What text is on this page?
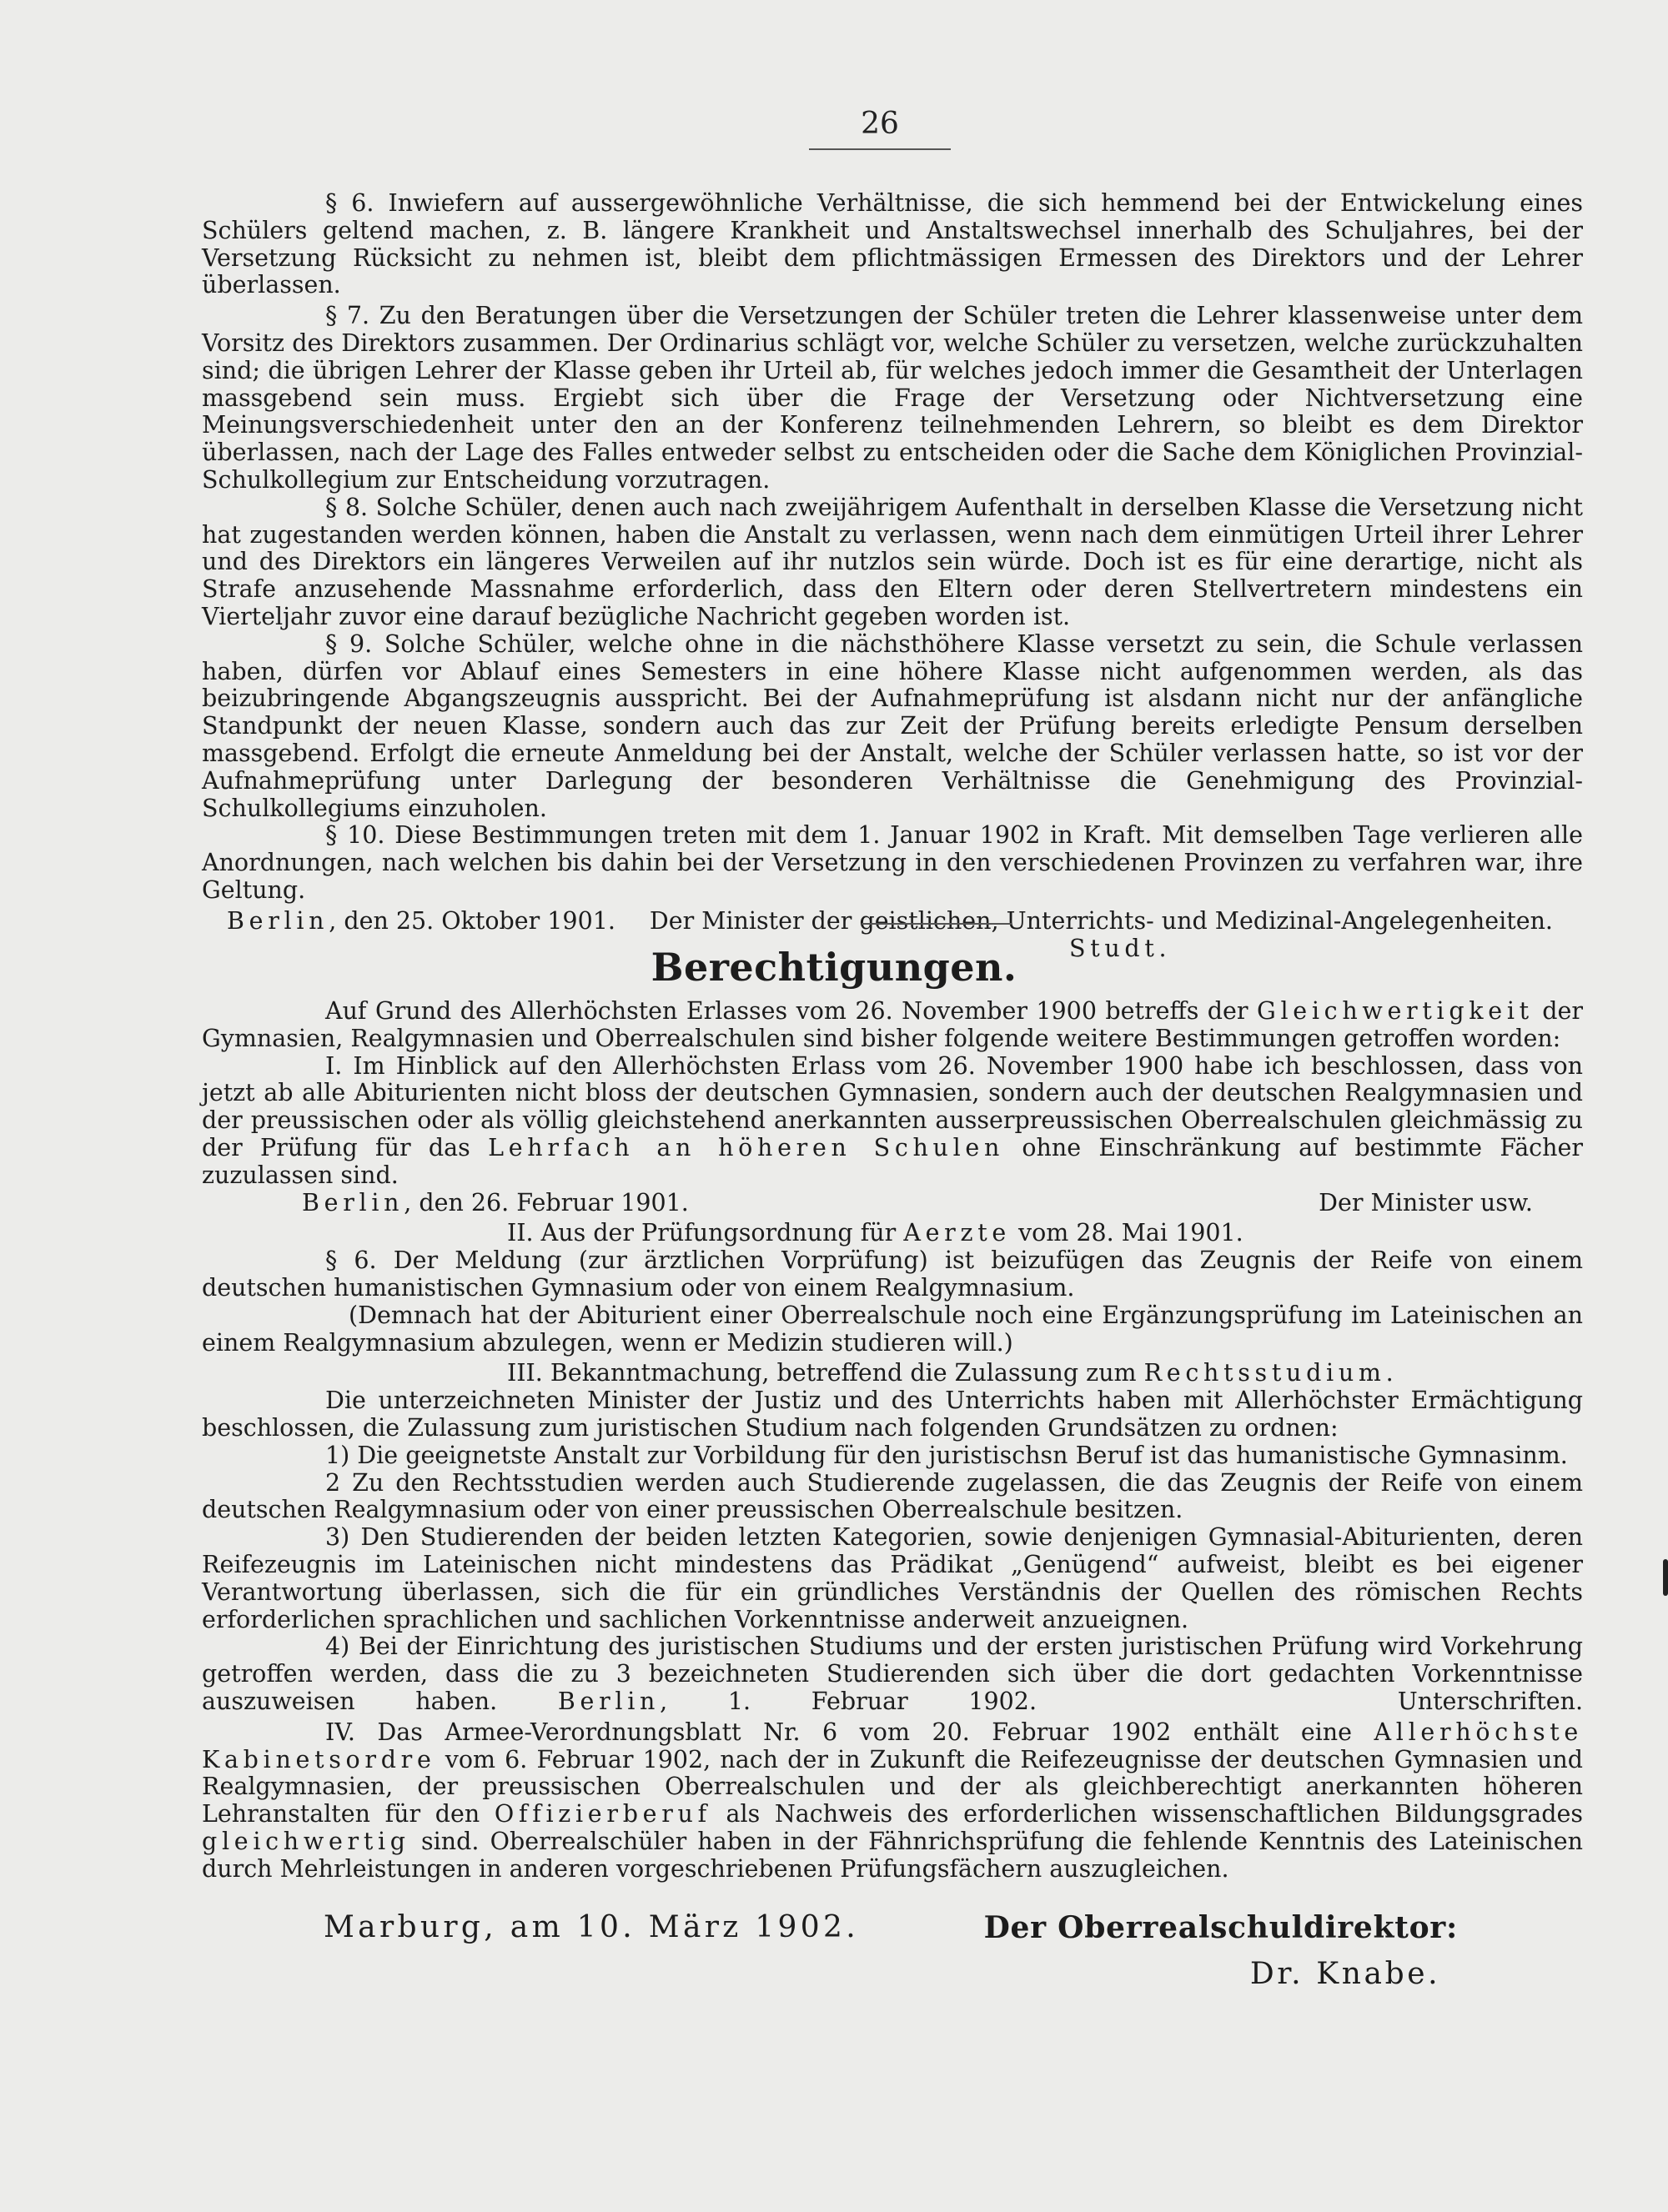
26

§ 6. Inwiefern auf aussergewöhnliche Verhältnisse, die sich hemmend bei der Entwickelung eines Schülers geltend machen, z. B. längere Krankheit und Anstaltswechsel innerhalb des Schuljahres, bei der Versetzung Rücksicht zu nehmen ist, bleibt dem pflichtmässigen Ermessen des Direktors und der Lehrer überlassen.

§ 7. Zu den Beratungen über die Versetzungen der Schüler treten die Lehrer klassenweise unter dem Vorsitz des Direktors zusammen. Der Ordinarius schlägt vor, welche Schüler zu versetzen, welche zurückzuhalten sind; die übrigen Lehrer der Klasse geben ihr Urteil ab, für welches jedoch immer die Gesamtheit der Unterlagen massgebend sein muss. Ergiebt sich über die Frage der Versetzung oder Nichtversetzung eine Meinungsverschiedenheit unter den an der Konferenz teilnehmenden Lehrern, so bleibt es dem Direktor überlassen, nach der Lage des Falles entweder selbst zu entscheiden oder die Sache dem Königlichen Provinzial-Schulkollegium zur Entscheidung vorzutragen.

§ 8. Solche Schüler, denen auch nach zweijährigem Aufenthalt in derselben Klasse die Versetzung nicht hat zugestanden werden können, haben die Anstalt zu verlassen, wenn nach dem einmütigen Urteil ihrer Lehrer und des Direktors ein längeres Verweilen auf ihr nutzlos sein würde. Doch ist es für eine derartige, nicht als Strafe anzusehende Massnahme erforderlich, dass den Eltern oder deren Stellvertretern mindestens ein Vierteljahr zuvor eine darauf bezügliche Nachricht gegeben worden ist.

§ 9. Solche Schüler, welche ohne in die nächsthöhere Klasse versetzt zu sein, die Schule verlassen haben, dürfen vor Ablauf eines Semesters in eine höhere Klasse nicht aufgenommen werden, als das beizubringende Abgangszeugnis ausspricht. Bei der Aufnahmeprüfung ist alsdann nicht nur der anfängliche Standpunkt der neuen Klasse, sondern auch das zur Zeit der Prüfung bereits erledigte Pensum derselben massgebend. Erfolgt die erneute Anmeldung bei der Anstalt, welche der Schüler verlassen hatte, so ist vor der Aufnahmeprüfung unter Darlegung der besonderen Verhältnisse die Genehmigung des Provinzial-Schulkollegiums einzuholen.

§ 10. Diese Bestimmungen treten mit dem 1. Januar 1902 in Kraft. Mit demselben Tage verlieren alle Anordnungen, nach welchen bis dahin bei der Versetzung in den verschiedenen Provinzen zu verfahren war, ihre Geltung.

Berlin, den 25. Oktober 1901. Der Minister der geistlichen, Unterrichts- und Medizinal-Angelegenheiten.

Studt.

Berechtigungen.

Auf Grund des Allerhöchsten Erlasses vom 26. November 1900 betreffs der Gleichwertigkeit der Gymnasien, Realgymnasien und Oberrealschulen sind bisher folgende weitere Bestimmungen getroffen worden:

I. Im Hinblick auf den Allerhöchsten Erlass vom 26. November 1900 habe ich beschlossen, dass von jetzt ab alle Abiturienten nicht bloss der deutschen Gymnasien, sondern auch der deutschen Realgymnasien und der preussischen oder als völlig gleichstehend anerkannten ausserpreussischen Oberrealschulen gleichmässig zu der Prüfung für das Lehrfach an höheren Schulen ohne Einschränkung auf bestimmte Fächer zuzulassen sind.

Berlin, den 26. Februar 1901.	Der Minister usw.

II. Aus der Prüfungsordnung für Aerzte vom 28. Mai 1901.

§ 6. Der Meldung (zur ärztlichen Vorprüfung) ist beizufügen das Zeugnis der Reife von einem deutschen humanistischen Gymnasium oder von einem Realgymnasium.

(Demnach hat der Abiturient einer Oberrealschule noch eine Ergänzungsprüfung im Lateinischen an einem Realgymnasium abzulegen, wenn er Medizin studieren will.)

III. Bekanntmachung, betreffend die Zulassung zum Rechtsstudium.

Die unterzeichneten Minister der Justiz und des Unterrichts haben mit Allerhöchster Ermächtigung beschlossen, die Zulassung zum juristischen Studium nach folgenden Grundsätzen zu ordnen:

1) Die geeignetste Anstalt zur Vorbildung für den juristischsn Beruf ist das humanistische Gymnasinm.

2 Zu den Rechtsstudien werden auch Studierende zugelassen, die das Zeugnis der Reife von einem deutschen Realgymnasium oder von einer preussischen Oberrealschule besitzen.

3) Den Studierenden der beiden letzten Kategorien, sowie denjenigen Gymnasial-Abiturienten, deren Reifezeugnis im Lateinischen nicht mindestens das Prädikat „Genügend“ aufweist, bleibt es bei eigener Verantwortung überlassen, sich die für ein gründliches Verständnis der Quellen des römischen Rechts erforderlichen sprachlichen und sachlichen Vorkenntnisse anderweit anzueignen.

4) Bei der Einrichtung des juristischen Studiums und der ersten juristischen Prüfung wird Vorkehrung getroffen werden, dass die zu 3 bezeichneten Studierenden sich über die dort gedachten Vorkenntnisse auszuweisen haben.	Berlin, 1. Februar 1902.	Unterschriften.

IV. Das Armee-Verordnungsblatt Nr. 6 vom 20. Februar 1902 enthält eine Allerhöchste Kabinetsordre vom 6. Februar 1902, nach der in Zukunft die Reifezeugnisse der deutschen Gymnasien und Realgymnasien, der preussischen Oberrealschulen und der als gleichberechtigt anerkannten höheren Lehranstalten für den Offizierberuf als Nachweis des erforderlichen wissenschaftlichen Bildungsgrades gleichwertig sind. Oberrealschüler haben in der Fähnrichsprüfung die fehlende Kenntnis des Lateinischen durch Mehrleistungen in anderen vorgeschriebenen Prüfungsfächern auszugleichen.

Marburg, am 10. März 1902.	Der Oberrealschuldirektor:
Dr. Knabe.
